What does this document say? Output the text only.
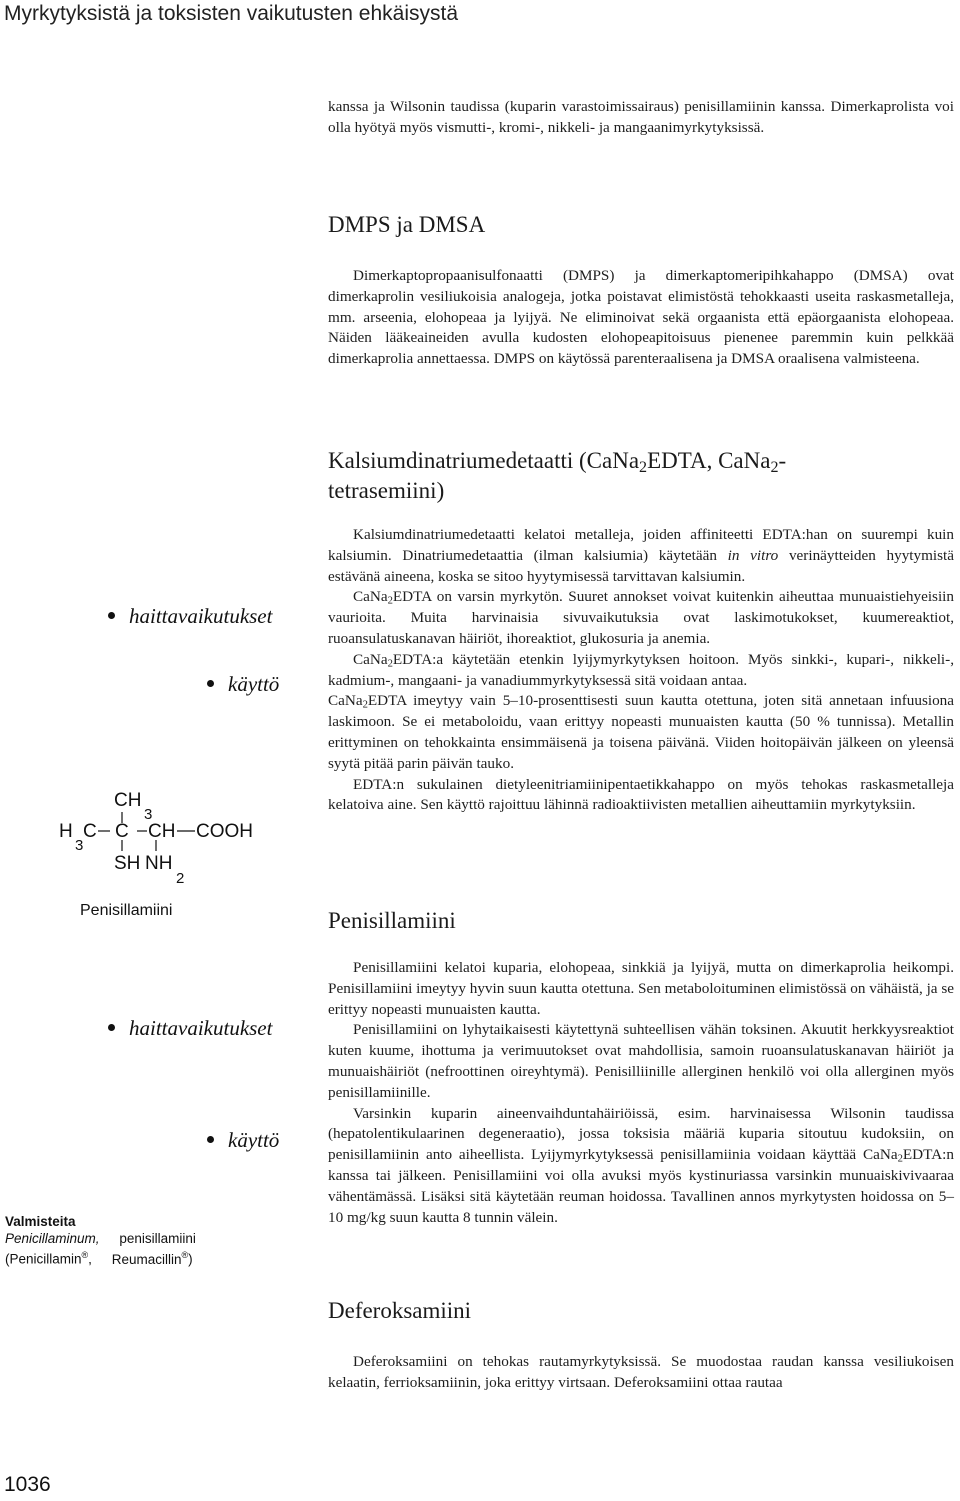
Myrkytyksistä ja toksisten vaikutusten ehkäisystä

kanssa ja Wilsonin taudissa (kuparin varastoimissairaus) penisillamiinin kanssa. Dimerkaprolista voi olla hyötyä myös vismutti-, kromi-, nikkeli- ja mangaanimyrkytyksissä.

DMPS ja DMSA

Dimerkaptopropaanisulfonaatti (DMPS) ja dimerkaptomeripihkahappo (DMSA) ovat dimerkaprolin vesiliukoisia analogeja, jotka poistavat elimistöstä tehokkaasti useita raskasmetalleja, mm. arseenia, elohopeaa ja lyijyä. Ne eliminoivat sekä orgaanista että epäorgaanista elohopeaa. Näiden lääkeaineiden avulla kudosten elohopeapitoisuus pienenee paremmin kuin pelkkää dimerkaprolia annettaessa. DMPS on käytössä parenteraalisena ja DMSA oraalisena valmisteena.

Kalsiumdinatriumedetaatti (CaNa$_2$EDTA, CaNa$_2$-
tetrasemiini)

Kalsiumdinatriumedetaatti kelatoi metalleja, joiden affiniteetti EDTA:han on suurempi kuin kalsiumin. Dinatriumedetaattia (ilman kalsiumia) käytetään in vitro verinäytteiden hyytymistä estävänä aineena, koska se sitoo hyytymisessä tarvittavan kalsiumin.

CaNa$_2$EDTA on varsin myrkytön. Suuret annokset voivat kuitenkin aiheuttaa munuaistiehyeisiin vaurioita. Muita harvinaisia sivuvaikutuksia ovat laskimotukokset, kuumereaktiot, ruoansulatuskanavan häiriöt, ihoreaktiot, glukosuria ja anemia.

CaNa$_2$EDTA:a käytetään etenkin lyijymyrkytyksen hoitoon. Myös sinkki-, kupari-, nikkeli-, kadmium-, mangaani- ja vanadiummyrkytyksessä sitä voidaan antaa.

CaNa$_2$EDTA imeytyy vain 5–10-prosenttisesti suun kautta otettuna, joten sitä annetaan infuusiona laskimoon. Se ei metaboloidu, vaan erittyy nopeasti munuaisten kautta (50 % tunnissa). Metallin erittyminen on tehokkainta ensimmäisenä ja toisena päivänä. Viiden hoitopäivän jälkeen on yleensä syytä pitää parin päivän tauko.

EDTA:n sukulainen dietyleenitriamiinipentaetikkahappo on myös tehokas raskasmetalleja kelatoiva aine. Sen käyttö rajoittuu lähinnä radioaktiivisten metallien aiheuttamiin myrkytyksiin.

haittavaikutukset
käyttö
haittavaikutukset
käyttö
CH
3
H
3
C C CH COOH
SH NH
2
Penisillamiini
Valmisteita
Penicillaminum, penisillamiini
(Penicillamin®, Reumacillin®)
Penisillamiini

Penisillamiini kelatoi kuparia, elohopeaa, sinkkiä ja lyijyä, mutta on dimerkaprolia heikompi. Penisillamiini imeytyy hyvin suun kautta otettuna. Sen metaboloituminen elimistössä on vähäistä, ja se erittyy nopeasti munuaisten kautta.

Penisillamiini on lyhytaikaisesti käytettynä suhteellisen vähän toksinen. Akuutit herkkyysreaktiot kuten kuume, ihottuma ja verimuutokset ovat mahdollisia, samoin ruoansulatuskanavan häiriöt ja munuaishäiriöt (nefroottinen oireyhtymä). Penisilliinille allerginen henkilö voi olla allerginen myös penisillamiinille.

Varsinkin kuparin aineenvaihduntahäiriöissä, esim. harvinaisessa Wilsonin taudissa (hepatolentikulaarinen degeneraatio), jossa toksisia määriä kuparia sitoutuu kudoksiin, on penisillamiinin anto aiheellista. Lyijymyrkytyksessä penisillamiinia voidaan käyttää CaNa$_2$EDTA:n kanssa tai jälkeen. Penisillamiini voi olla avuksi myös kystinuriassa varsinkin munuaiskivivaaraa vähentämässä. Lisäksi sitä käytetään reuman hoidossa. Tavallinen annos myrkytysten hoidossa on 5–10 mg/kg suun kautta 8 tunnin välein.

Deferoksamiini

Deferoksamiini on tehokas rautamyrkytyksissä. Se muodostaa raudan kanssa vesiliukoisen kelaatin, ferrioksamiinin, joka erittyy virtsaan. Deferoksamiini ottaa rautaa

1036
